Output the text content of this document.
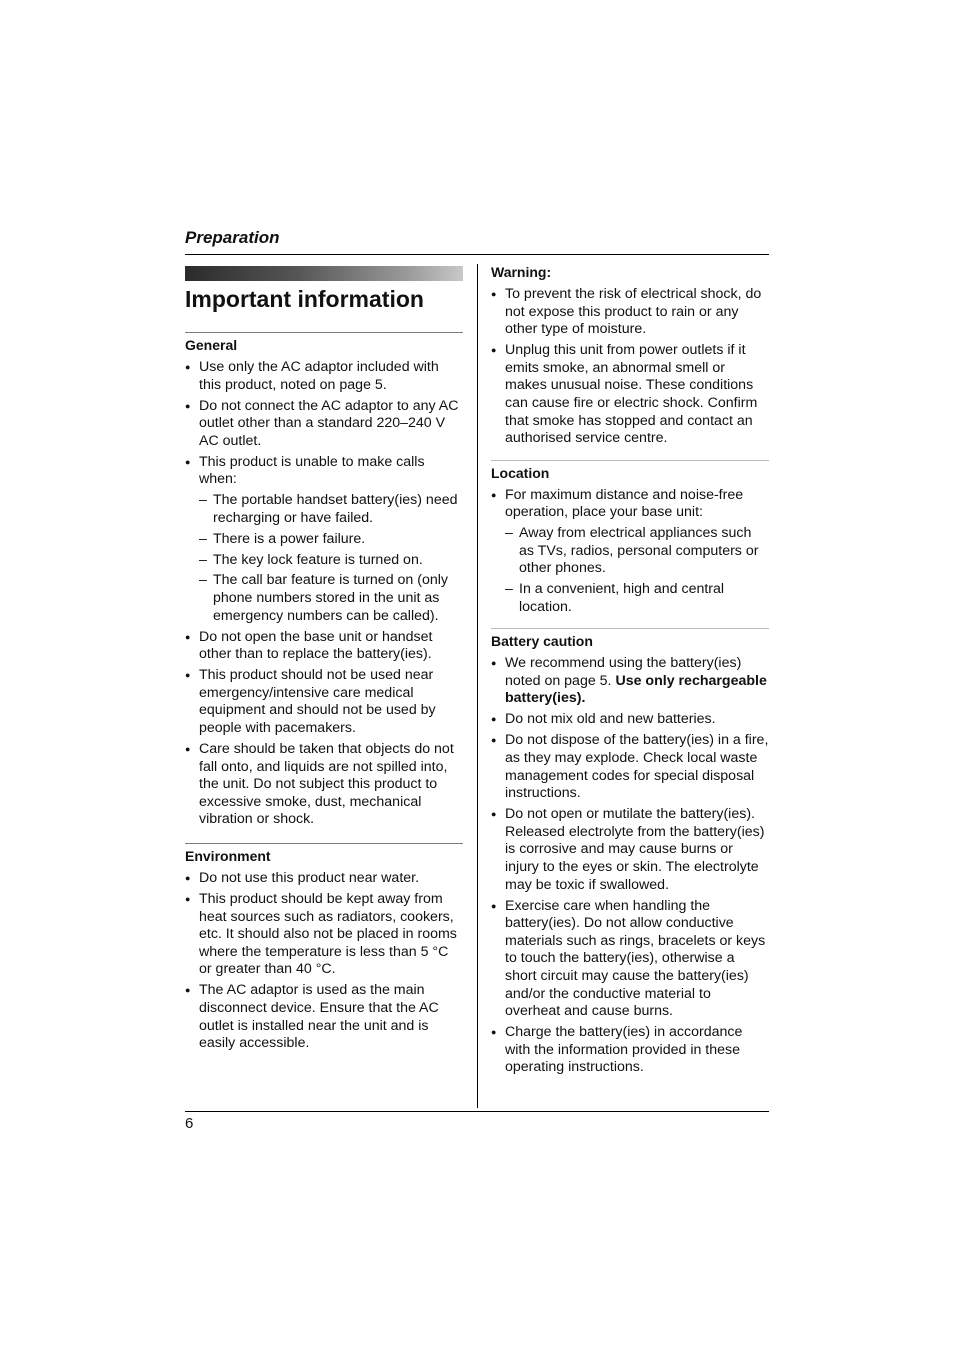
Preparation
Important information
General
● Use only the AC adaptor included with this product, noted on page 5.
● Do not connect the AC adaptor to any AC outlet other than a standard 220–240 V AC outlet.
● This product is unable to make calls when:
– The portable handset battery(ies) need recharging or have failed.
– There is a power failure.
– The key lock feature is turned on.
– The call bar feature is turned on (only phone numbers stored in the unit as emergency numbers can be called).
● Do not open the base unit or handset other than to replace the battery(ies).
● This product should not be used near emergency/intensive care medical equipment and should not be used by people with pacemakers.
● Care should be taken that objects do not fall onto, and liquids are not spilled into, the unit. Do not subject this product to excessive smoke, dust, mechanical vibration or shock.
Environment
● Do not use this product near water.
● This product should be kept away from heat sources such as radiators, cookers, etc. It should also not be placed in rooms where the temperature is less than 5 °C or greater than 40 °C.
● The AC adaptor is used as the main disconnect device. Ensure that the AC outlet is installed near the unit and is easily accessible.
Warning:
● To prevent the risk of electrical shock, do not expose this product to rain or any other type of moisture.
● Unplug this unit from power outlets if it emits smoke, an abnormal smell or makes unusual noise. These conditions can cause fire or electric shock. Confirm that smoke has stopped and contact an authorised service centre.
Location
● For maximum distance and noise-free operation, place your base unit:
– Away from electrical appliances such as TVs, radios, personal computers or other phones.
– In a convenient, high and central location.
Battery caution
● We recommend using the battery(ies) noted on page 5. Use only rechargeable battery(ies).
● Do not mix old and new batteries.
● Do not dispose of the battery(ies) in a fire, as they may explode. Check local waste management codes for special disposal instructions.
● Do not open or mutilate the battery(ies). Released electrolyte from the battery(ies) is corrosive and may cause burns or injury to the eyes or skin. The electrolyte may be toxic if swallowed.
● Exercise care when handling the battery(ies). Do not allow conductive materials such as rings, bracelets or keys to touch the battery(ies), otherwise a short circuit may cause the battery(ies) and/or the conductive material to overheat and cause burns.
● Charge the battery(ies) in accordance with the information provided in these operating instructions.
6
